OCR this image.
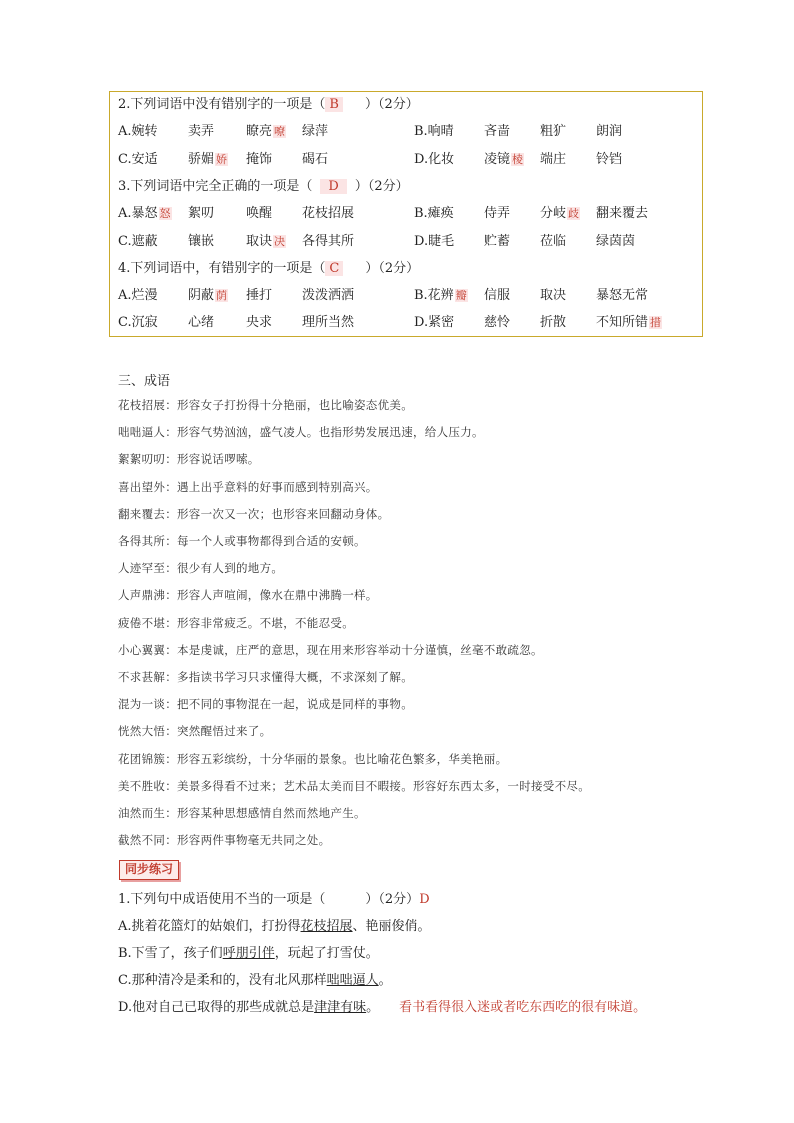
2.下列词语中没有错别字的一项是（ B ）（2分）
A.婉转 卖弄 瞭亮 嘹 绿萍	B.响晴 吝啬 粗犷 朗润
C.安适 骄媚 娇 掩饰 碣石	D.化妆 凌镜 棱 端庄 铃铛
3.下列词语中完全正确的一项是（ D ）（2分）
A.暴怒 怒 絮叨 唤醒 花枝招展	B.瘫痪 侍弄 分岐 歧 翻来覆去
C.遮蔽 镶嵌 取诀 决 各得其所	D.睫毛 贮蓄 莅临 绿茵茵
4.下列词语中，有错别字的一项是（ C ）（2分）
A.烂漫 阴蔽 荫 捶打 泼泼洒洒	B.花辨 瓣 信服 取决 暴怒无常
C.沉寂 心绪 央求 理所当然	D.紧密 慈怜 折散 不知所错 措
三、成语
花枝招展：形容女子打扮得十分艳丽，也比喻姿态优美。
咄咄逼人：形容气势汹汹，盛气凌人。也指形势发展迅速，给人压力。
絮絮叨叨：形容说话啰嗦。
喜出望外：遇上出乎意料的好事而感到特别高兴。
翻来覆去：形容一次又一次；也形容来回翻动身体。
各得其所：每一个人或事物都得到合适的安顿。
人迹罕至：很少有人到的地方。
人声鼎沸：形容人声喧闹，像水在鼎中沸腾一样。
疲倦不堪：形容非常疲乏。不堪，不能忍受。
小心翼翼：本是虔诚，庄严的意思，现在用来形容举动十分谨慎，丝毫不敢疏忽。
不求甚解：多指读书学习只求懂得大概，不求深刻了解。
混为一谈：把不同的事物混在一起，说成是同样的事物。
恍然大悟：突然醒悟过来了。
花团锦簇：形容五彩缤纷，十分华丽的景象。也比喻花色繁多，华美艳丽。
美不胜收：美景多得看不过来；艺术品太美而目不暇接。形容好东西太多，一时接受不尽。
油然而生：形容某种思想感情自然而然地产生。
截然不同：形容两件事物毫无共同之处。
同步练习
1.下列句中成语使用不当的一项是（	）（2分）D
A.挑着花篮灯的姑娘们，打扮得花枝招展、艳丽俊俏。
B.下雪了，孩子们呼朋引伴，玩起了打雪仗。
C.那种清冷是柔和的，没有北风那样咄咄逼人。
D.他对自己已取得的那些成就总是津津有味。 看书看得很入迷或者吃东西吃的很有味道。
